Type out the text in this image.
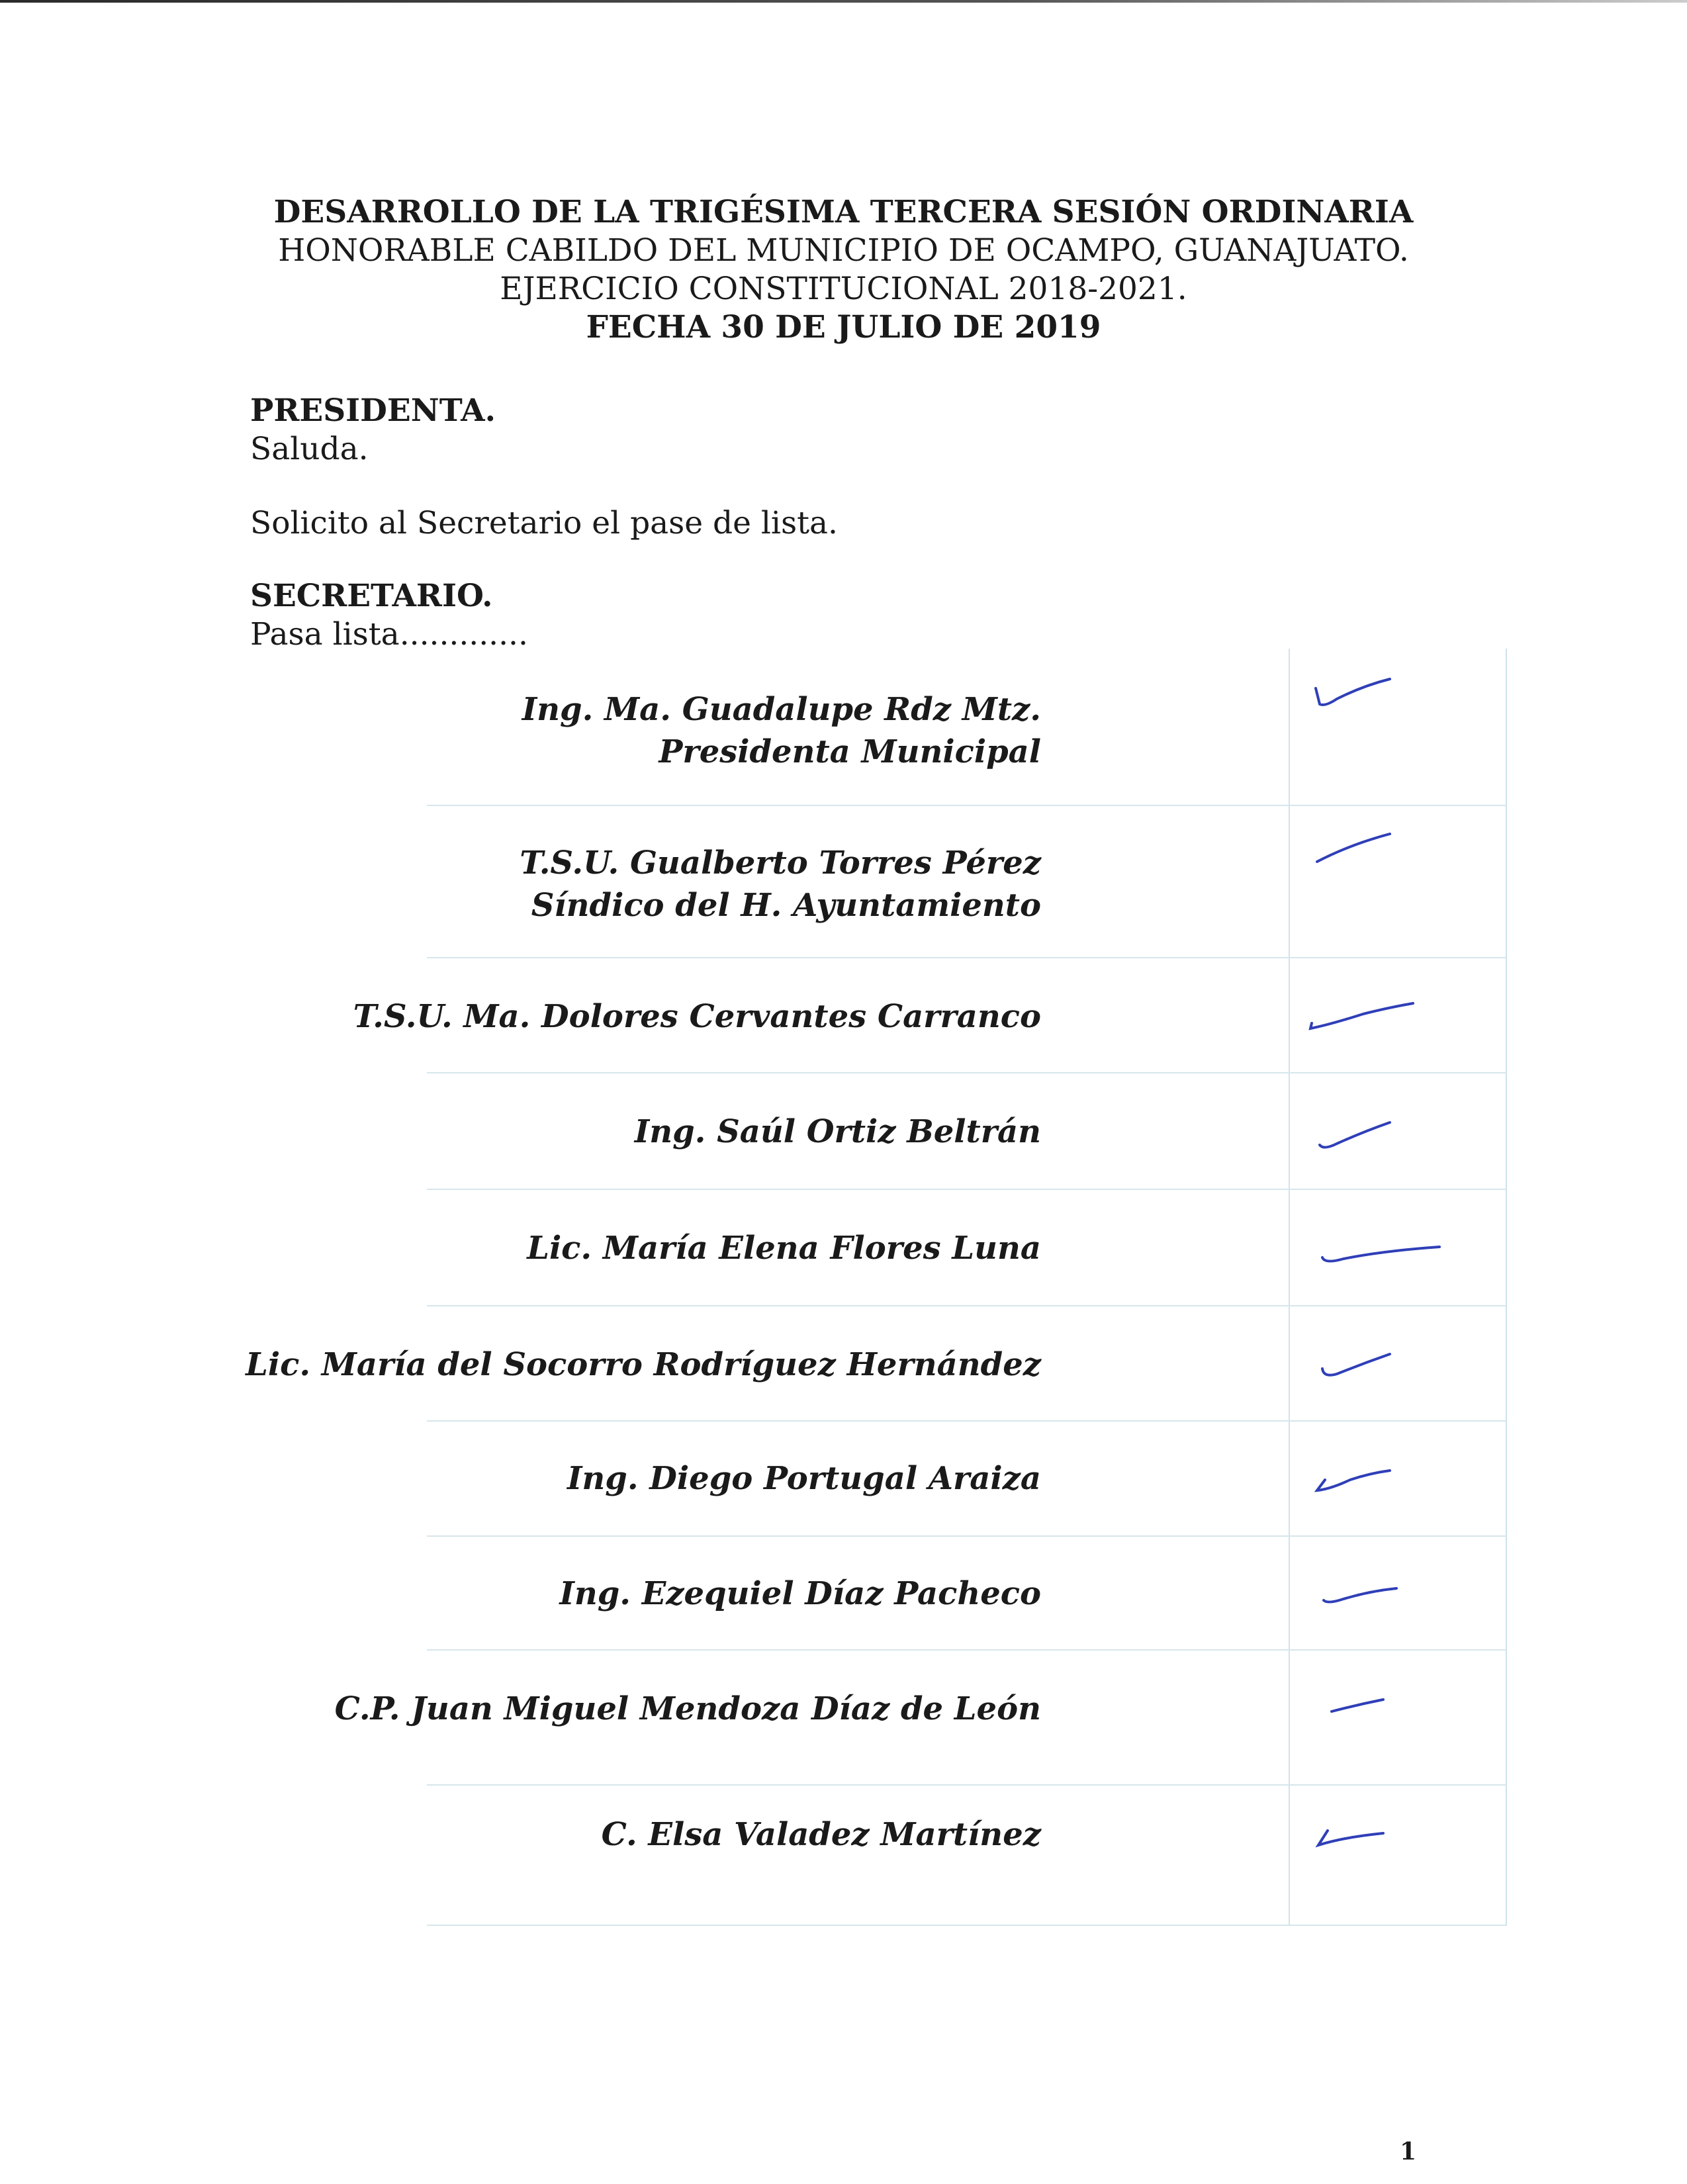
DESARROLLO DE LA TRIGÉSIMA TERCERA SESIÓN ORDINARIA
HONORABLE CABILDO DEL MUNICIPIO DE OCAMPO, GUANAJUATO.
EJERCICIO CONSTITUCIONAL 2018-2021.
FECHA 30 DE JULIO DE 2019
PRESIDENTA.
Saluda.
Solicito al Secretario el pase de lista.
SECRETARIO.
Pasa lista.............
Ing. Ma. Guadalupe Rdz Mtz.
Presidenta Municipal
T.S.U. Gualberto Torres Pérez
Síndico del H. Ayuntamiento
T.S.U. Ma. Dolores Cervantes Carranco
Ing. Saúl Ortiz Beltrán
Lic. María Elena Flores Luna
Lic. María del Socorro Rodríguez Hernández
Ing. Diego Portugal Araiza
Ing. Ezequiel Díaz Pacheco
C.P. Juan Miguel Mendoza Díaz de León
C. Elsa Valadez Martínez
1
